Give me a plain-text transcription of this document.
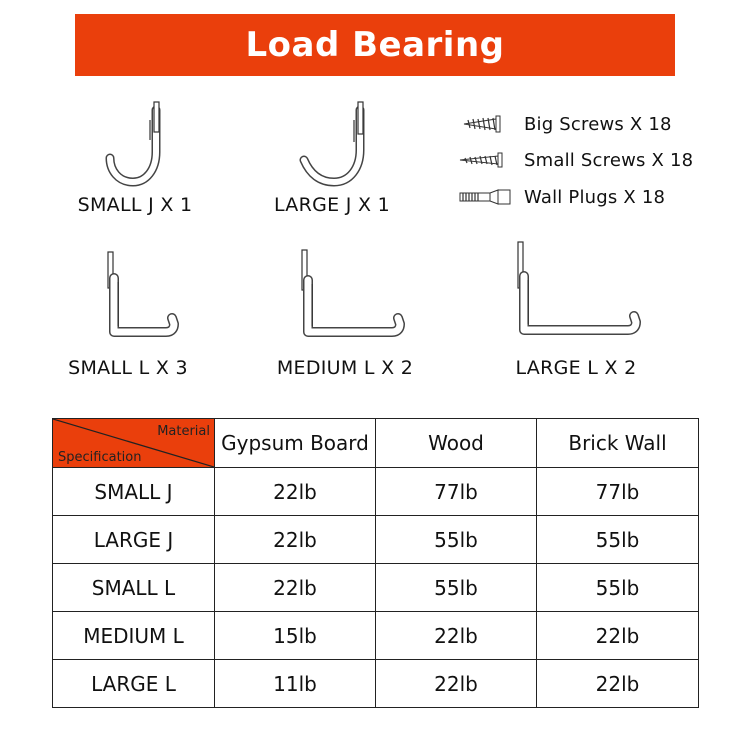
Load Bearing
SMALL J X 1	LARGE J X 1
Big Screws X 18
Small Screws X 18
Wall Plugs X 18
SMALL L X 3	MEDIUM L X 2	LARGE L X 2
Material
Specification	Gypsum Board	Wood	Brick Wall
SMALL J	22lb	77lb	77lb
LARGE J	22lb	55lb	55lb
SMALL L	22lb	55lb	55lb
MEDIUM L	15lb	22lb	22lb
LARGE L	11lb	22lb	22lb
